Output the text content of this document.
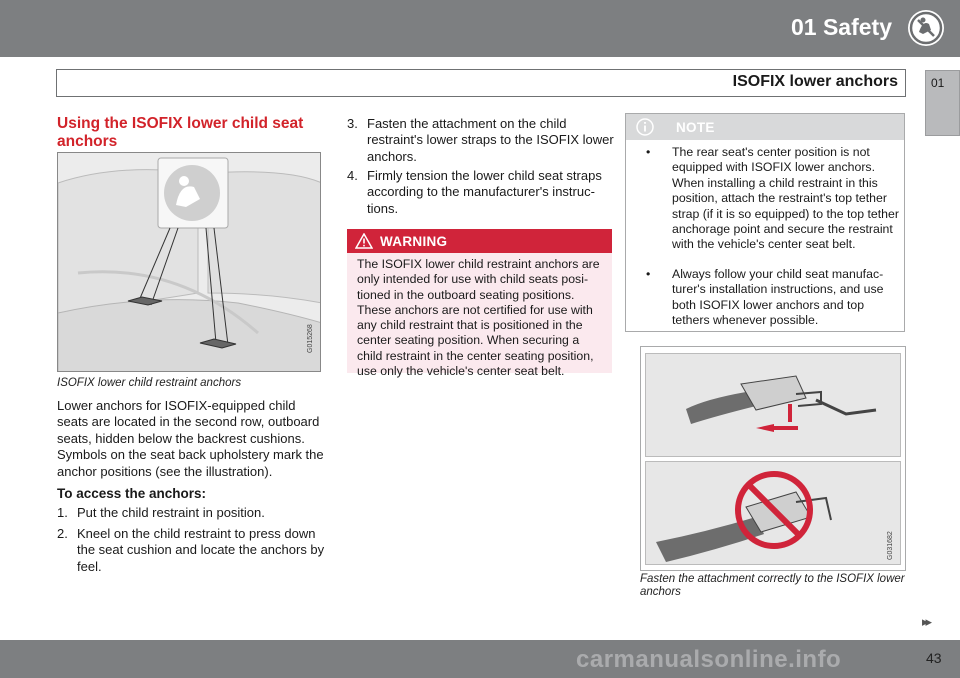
01 Safety
ISOFIX lower anchors	01
Using the ISOFIX lower child seat anchors
G015268
ISOFIX lower child restraint anchors
Lower anchors for ISOFIX-equipped child seats are located in the second row, outboard seats, hidden below the backrest cushions. Symbols on the seat back upholstery mark the anchor positions (see the illustration).
To access the anchors:
1. Put the child restraint in position.
2. Kneel on the child restraint to press down the seat cushion and locate the anchors by feel.
3. Fasten the attachment on the child restraint's lower straps to the ISOFIX lower anchors.
4. Firmly tension the lower child seat straps according to the manufacturer's instruc-tions.
WARNING
The ISOFIX lower child restraint anchors are only intended for use with child seats posi-tioned in the outboard seating positions. These anchors are not certified for use with any child restraint that is positioned in the center seating position. When securing a child restraint in the center seating position, use only the vehicle's center seat belt.
NOTE
•	The rear seat's center position is not equipped with ISOFIX lower anchors. When installing a child restraint in this position, attach the restraint's top tether strap (if it is so equipped) to the top tether anchorage point and secure the restraint with the vehicle's center seat belt.
•	Always follow your child seat manufac-turer's installation instructions, and use both ISOFIX lower anchors and top tethers whenever possible.
G031682
Fasten the attachment correctly to the ISOFIX lower anchors
▸▸
carmanualsonline.info	43
